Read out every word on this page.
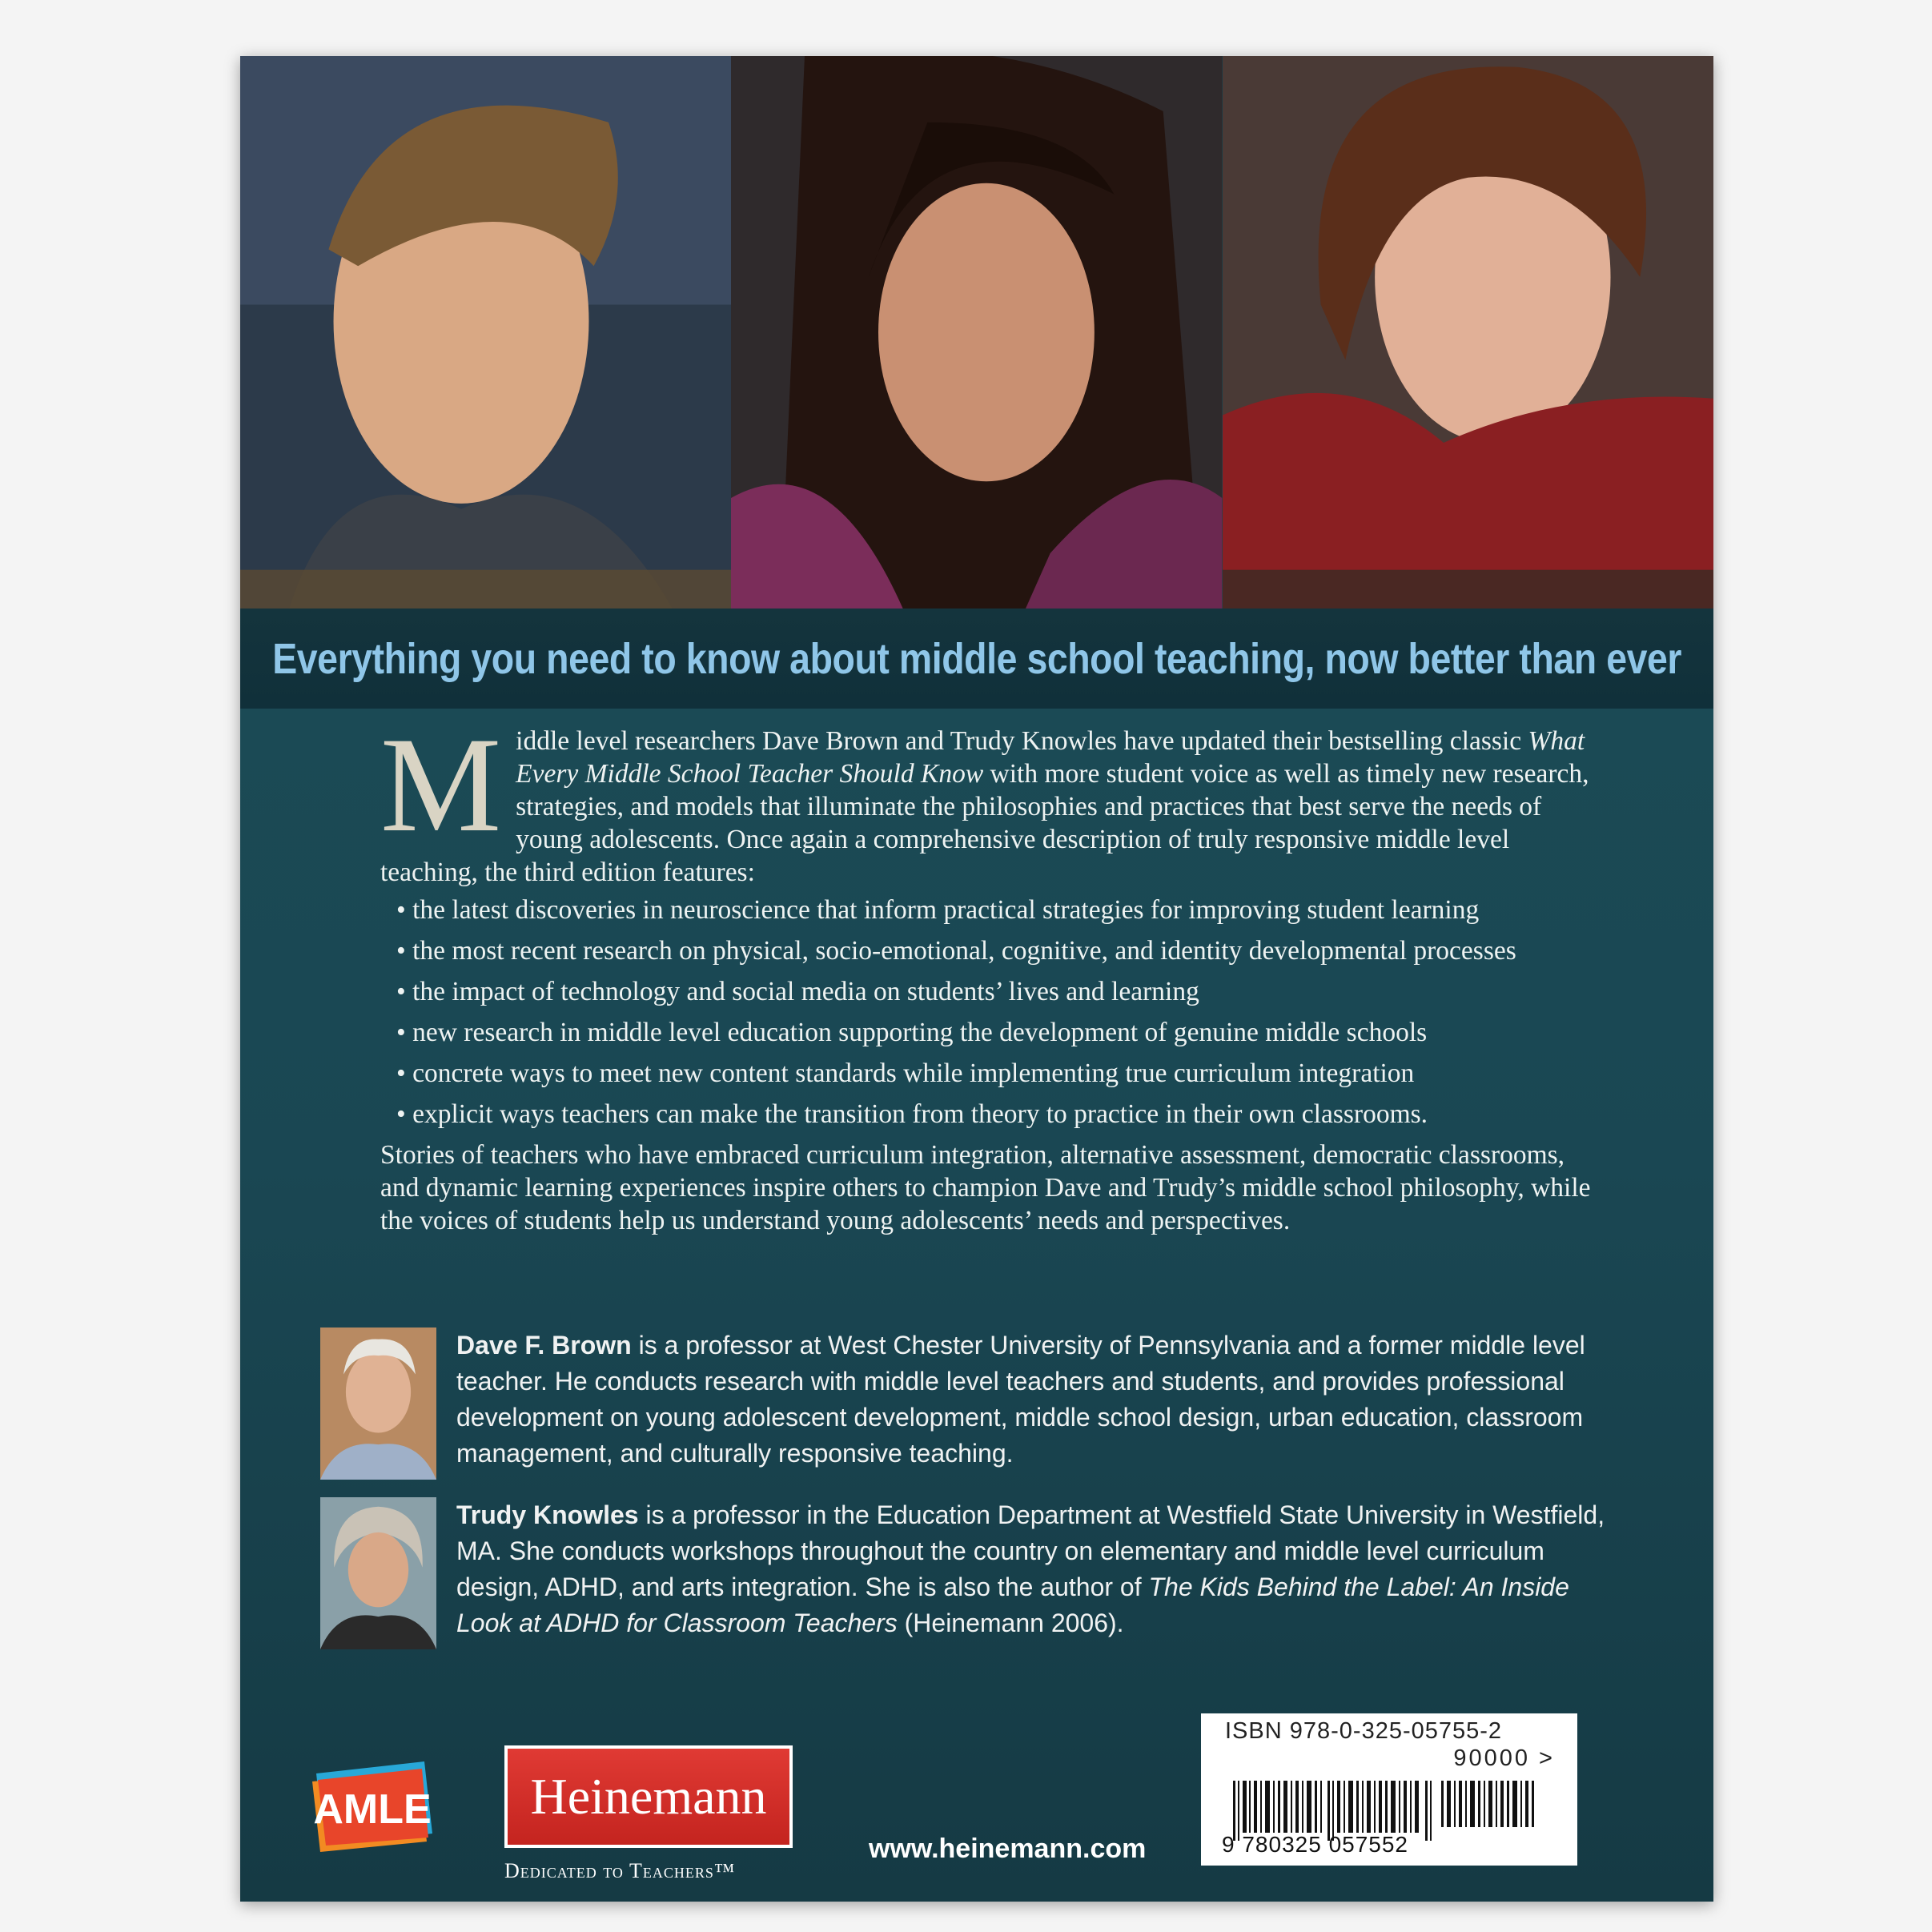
Everything you need to know about middle school teaching, now better than ever
M iddle level researchers Dave Brown and Trudy Knowles have updated their bestselling classic What Every Middle School Teacher Should Know with more student voice as well as timely new research, strategies, and models that illuminate the philosophies and practices that best serve the needs of young adolescents. Once again a comprehensive description of truly responsive middle level teaching, the third edition features:
• the latest discoveries in neuroscience that inform practical strategies for improving student learning
• the most recent research on physical, socio-emotional, cognitive, and identity developmental processes
• the impact of technology and social media on students’ lives and learning
• new research in middle level education supporting the development of genuine middle schools
• concrete ways to meet new content standards while implementing true curriculum integration
• explicit ways teachers can make the transition from theory to practice in their own classrooms.
Stories of teachers who have embraced curriculum integration, alternative assessment, democratic classrooms, and dynamic learning experiences inspire others to champion Dave and Trudy’s middle school philosophy, while the voices of students help us understand young adolescents’ needs and perspectives.
Dave F. Brown is a professor at West Chester University of Pennsylvania and a former middle level teacher. He conducts research with middle level teachers and students, and provides professional development on young adolescent development, middle school design, urban education, classroom management, and culturally responsive teaching.
Trudy Knowles is a professor in the Education Department at Westfield State University in Westfield, MA. She conducts workshops throughout the country on elementary and middle level curriculum design, ADHD, and arts integration. She is also the author of The Kids Behind the Label: An Inside Look at ADHD for Classroom Teachers (Heinemann 2006).
AMLE	Heinemann
Dedicated to Teachers™
www.heinemann.com
ISBN 978-0-325-05755-2
90000 >
9 780325 057552
